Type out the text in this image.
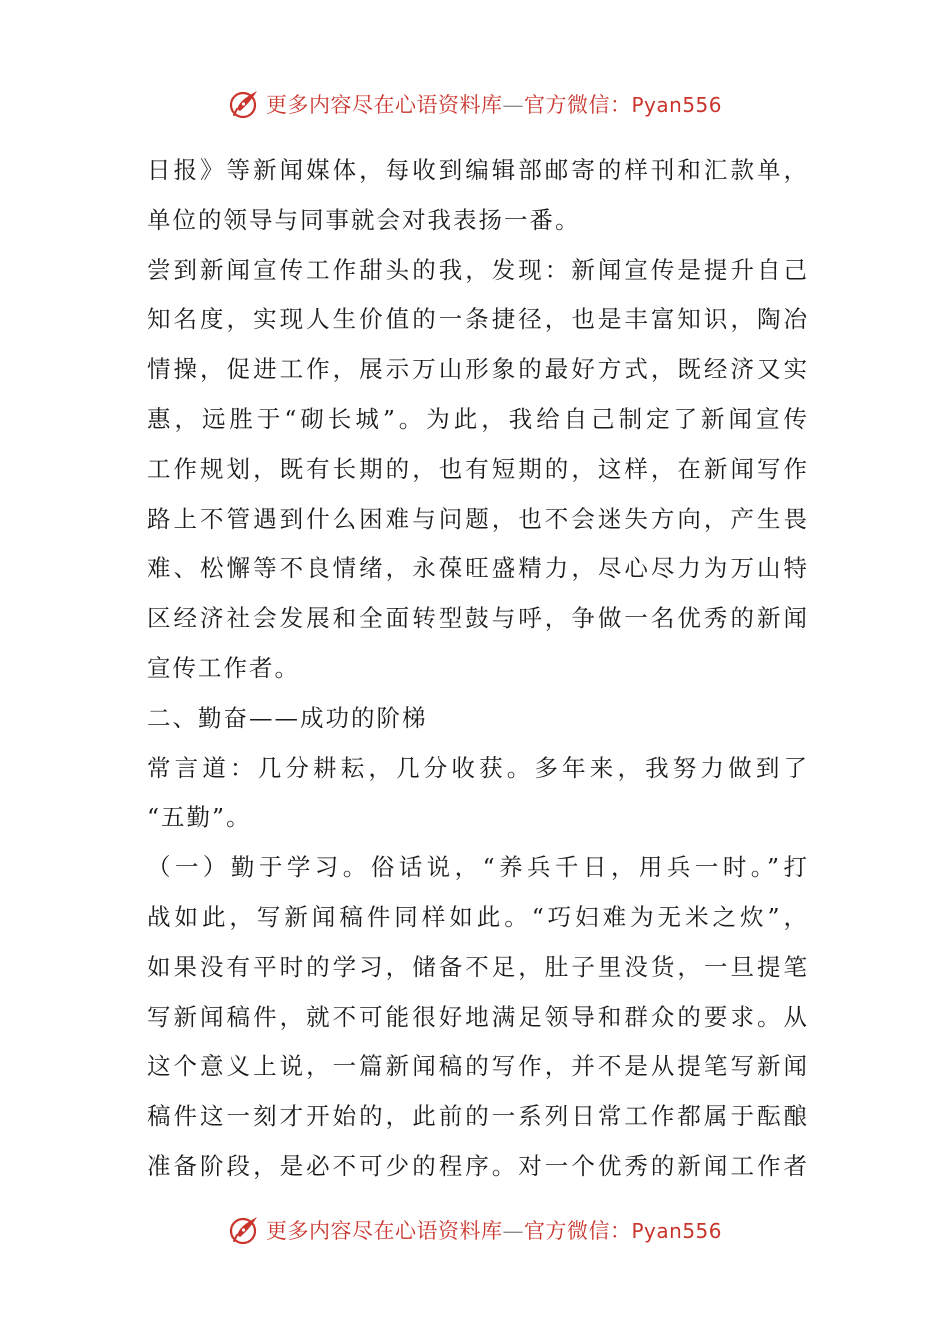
更多内容尽在心语资料库—官方微信：Pyan556
日报》等新闻媒体，每收到编辑部邮寄的样刊和汇款单，
单位的领导与同事就会对我表扬一番。
尝到新闻宣传工作甜头的我，发现：新闻宣传是提升自己
知名度，实现人生价值的一条捷径，也是丰富知识，陶冶
情操，促进工作，展示万山形象的最好方式，既经济又实
惠，远胜于“砌长城”。为此，我给自己制定了新闻宣传
工作规划，既有长期的，也有短期的，这样，在新闻写作
路上不管遇到什么困难与问题，也不会迷失方向，产生畏
难、松懈等不良情绪，永葆旺盛精力，尽心尽力为万山特
区经济社会发展和全面转型鼓与呼，争做一名优秀的新闻
宣传工作者。
二、勤奋——成功的阶梯
常言道：几分耕耘，几分收获。多年来，我努力做到了
“五勤”。
（一）勤于学习。俗话说，“养兵千日，用兵一时。”打
战如此，写新闻稿件同样如此。“巧妇难为无米之炊”，
如果没有平时的学习，储备不足，肚子里没货，一旦提笔
写新闻稿件，就不可能很好地满足领导和群众的要求。从
这个意义上说，一篇新闻稿的写作，并不是从提笔写新闻
稿件这一刻才开始的，此前的一系列日常工作都属于酝酿
准备阶段，是必不可少的程序。对一个优秀的新闻工作者
更多内容尽在心语资料库—官方微信：Pyan556
